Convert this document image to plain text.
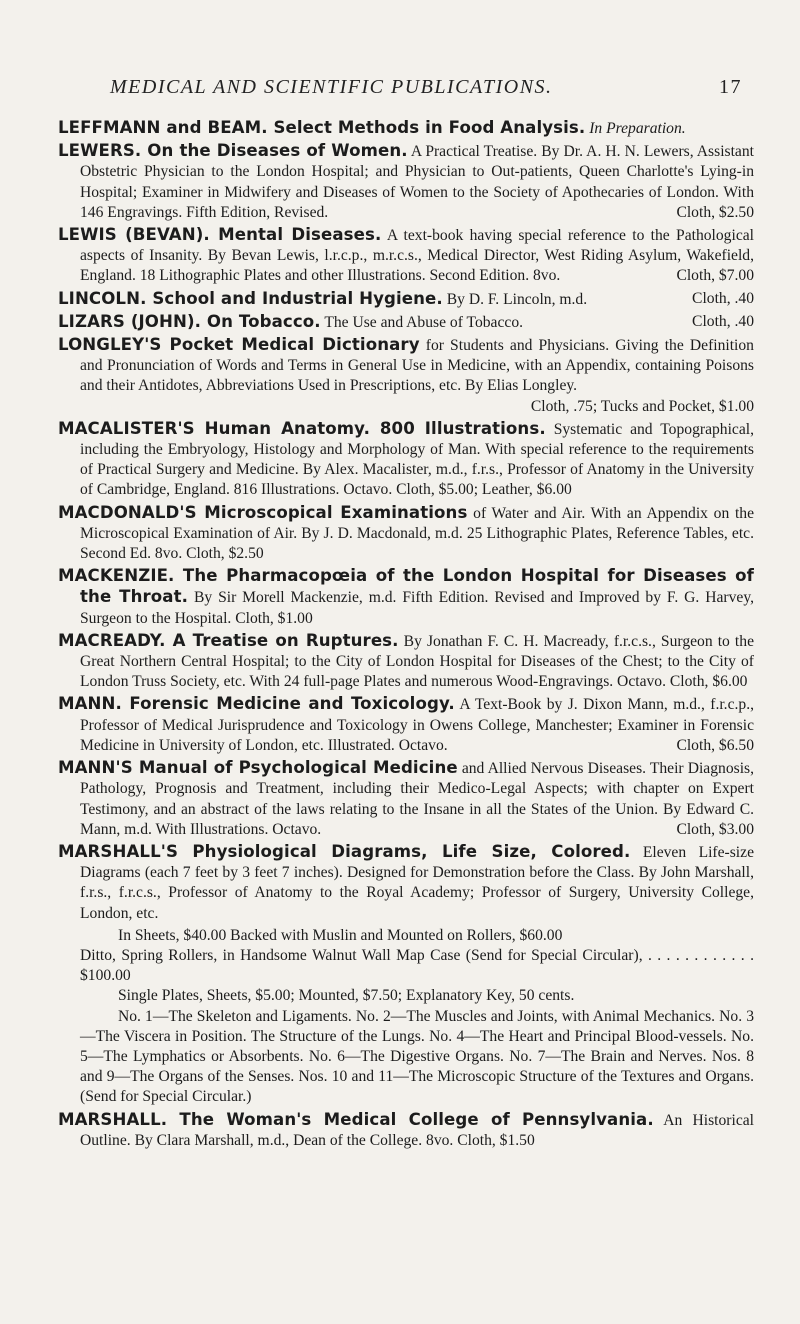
MEDICAL AND SCIENTIFIC PUBLICATIONS.	17

LEFFMANN and BEAM. Select Methods in Food Analysis. In Preparation.

LEWERS. On the Diseases of Women. A Practical Treatise. By Dr. A. H. N. Lewers, Assistant Obstetric Physician to the London Hospital; and Physician to Out-patients, Queen Charlotte's Lying-in Hospital; Examiner in Midwifery and Diseases of Women to the Society of Apothecaries of London. With 146 Engravings. Fifth Edition, Revised.	Cloth, $2.50

LEWIS (BEVAN). Mental Diseases. A text-book having special reference to the Pathological aspects of Insanity. By Bevan Lewis, l.r.c.p., m.r.c.s., Medical Director, West Riding Asylum, Wakefield, England. 18 Lithographic Plates and other Illustrations. Second Edition. 8vo.	Cloth, $7.00

LINCOLN. School and Industrial Hygiene. By D. F. Lincoln, m.d.	Cloth, .40

LIZARS (JOHN). On Tobacco. The Use and Abuse of Tobacco.	Cloth, .40

LONGLEY'S Pocket Medical Dictionary for Students and Physicians. Giving the Definition and Pronunciation of Words and Terms in General Use in Medicine, with an Appendix, containing Poisons and their Antidotes, Abbreviations Used in Prescriptions, etc. By Elias Longley.
Cloth, .75; Tucks and Pocket, $1.00

MACALISTER'S Human Anatomy. 800 Illustrations. Systematic and Topographical, including the Embryology, Histology and Morphology of Man. With special reference to the requirements of Practical Surgery and Medicine. By Alex. Macalister, m.d., f.r.s., Professor of Anatomy in the University of Cambridge, England. 816 Illustrations. Octavo. Cloth, $5.00; Leather, $6.00

MACDONALD'S Microscopical Examinations of Water and Air. With an Appendix on the Microscopical Examination of Air. By J. D. Macdonald, m.d. 25 Lithographic Plates, Reference Tables, etc. Second Ed. 8vo. Cloth, $2.50

MACKENZIE. The Pharmacopœia of the London Hospital for Diseases of the Throat. By Sir Morell Mackenzie, m.d. Fifth Edition. Revised and Improved by F. G. Harvey, Surgeon to the Hospital. Cloth, $1.00

MACREADY. A Treatise on Ruptures. By Jonathan F. C. H. Macready, f.r.c.s., Surgeon to the Great Northern Central Hospital; to the City of London Hospital for Diseases of the Chest; to the City of London Truss Society, etc. With 24 full-page Plates and numerous Wood-Engravings. Octavo. Cloth, $6.00

MANN. Forensic Medicine and Toxicology. A Text-Book by J. Dixon Mann, m.d., f.r.c.p., Professor of Medical Jurisprudence and Toxicology in Owens College, Manchester; Examiner in Forensic Medicine in University of London, etc. Illustrated. Octavo.	Cloth, $6.50

MANN'S Manual of Psychological Medicine and Allied Nervous Diseases. Their Diagnosis, Pathology, Prognosis and Treatment, including their Medico-Legal Aspects; with chapter on Expert Testimony, and an abstract of the laws relating to the Insane in all the States of the Union. By Edward C. Mann, m.d. With Illustrations. Octavo.	Cloth, $3.00

MARSHALL'S Physiological Diagrams, Life Size, Colored. Eleven Life-size Diagrams (each 7 feet by 3 feet 7 inches). Designed for Demonstration before the Class. By John Marshall, f.r.s., f.r.c.s., Professor of Anatomy to the Royal Academy; Professor of Surgery, University College, London, etc.

In Sheets, $40.00 Backed with Muslin and Mounted on Rollers, $60.00

Ditto, Spring Rollers, in Handsome Walnut Wall Map Case (Send for Special Circular), . . . . . . . . . . . . $100.00

Single Plates, Sheets, $5.00; Mounted, $7.50; Explanatory Key, 50 cents.

No. 1—The Skeleton and Ligaments. No. 2—The Muscles and Joints, with Animal Mechanics. No. 3—The Viscera in Position. The Structure of the Lungs. No. 4—The Heart and Principal Blood-vessels. No. 5—The Lymphatics or Absorbents. No. 6—The Digestive Organs. No. 7—The Brain and Nerves. Nos. 8 and 9—The Organs of the Senses. Nos. 10 and 11—The Microscopic Structure of the Textures and Organs. (Send for Special Circular.)

MARSHALL. The Woman's Medical College of Pennsylvania. An Historical Outline. By Clara Marshall, m.d., Dean of the College. 8vo. Cloth, $1.50
